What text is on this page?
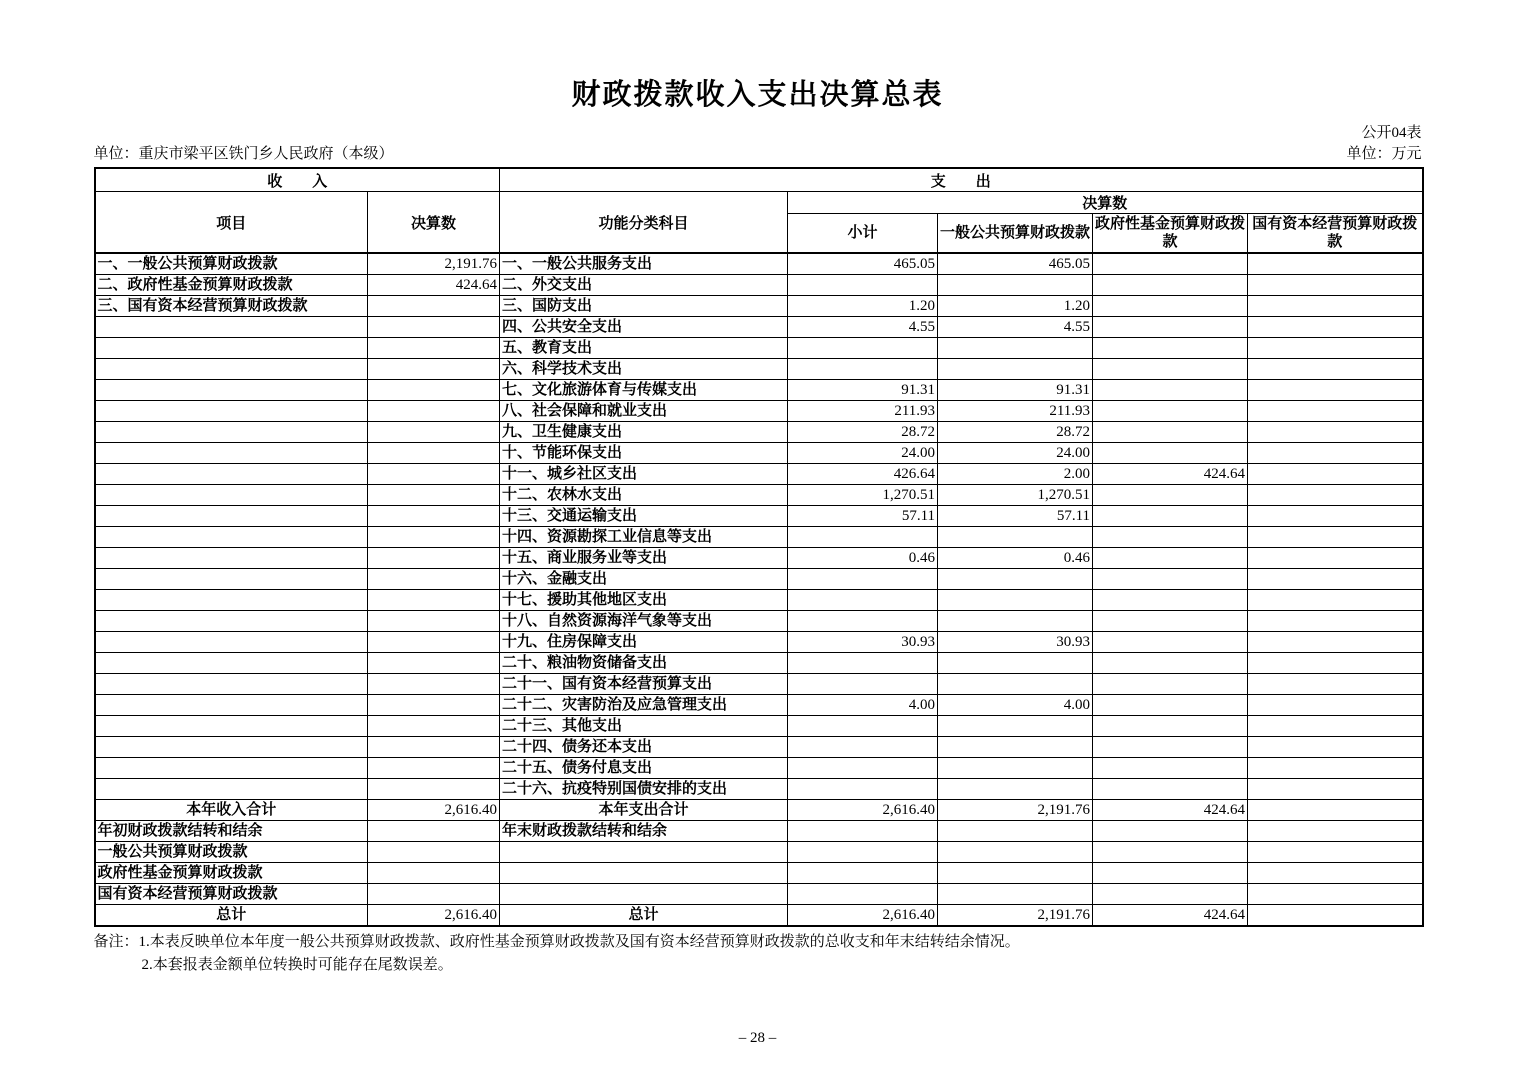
财政拨款收入支出决算总表
公开04表
单位：重庆市梁平区铁门乡人民政府（本级）	单位：万元
收　　入		支　　出				
项目	决算数	功能分类科目	决算数			
			小计	一般公共预算财政拨款	政府性基金预算财政拨款	国有资本经营预算财政拨款
一、一般公共预算财政拨款	2,191.76	一、一般公共服务支出	465.05	465.05		
二、政府性基金预算财政拨款	424.64	二、外交支出				
三、国有资本经营预算财政拨款		三、国防支出	1.20	1.20		
		四、公共安全支出	4.55	4.55		
		五、教育支出				
		六、科学技术支出				
		七、文化旅游体育与传媒支出	91.31	91.31		
		八、社会保障和就业支出	211.93	211.93		
		九、卫生健康支出	28.72	28.72		
		十、节能环保支出	24.00	24.00		
		十一、城乡社区支出	426.64	2.00	424.64	
		十二、农林水支出	1,270.51	1,270.51		
		十三、交通运输支出	57.11	57.11		
		十四、资源勘探工业信息等支出				
		十五、商业服务业等支出	0.46	0.46		
		十六、金融支出				
		十七、援助其他地区支出				
		十八、自然资源海洋气象等支出				
		十九、住房保障支出	30.93	30.93		
		二十、粮油物资储备支出				
		二十一、国有资本经营预算支出				
		二十二、灾害防治及应急管理支出	4.00	4.00		
		二十三、其他支出				
		二十四、债务还本支出				
		二十五、债务付息支出				
		二十六、抗疫特别国债安排的支出				
本年收入合计	2,616.40	本年支出合计	2,616.40	2,191.76	424.64	
年初财政拨款结转和结余		年末财政拨款结转和结余				
一般公共预算财政拨款						
政府性基金预算财政拨款						
国有资本经营预算财政拨款						
总计	2,616.40	总计	2,616.40	2,191.76	424.64	
备注：1.本表反映单位本年度一般公共预算财政拨款、政府性基金预算财政拨款及国有资本经营预算财政拨款的总收支和年末结转结余情况。
2.本套报表金额单位转换时可能存在尾数误差。
– 28 –
